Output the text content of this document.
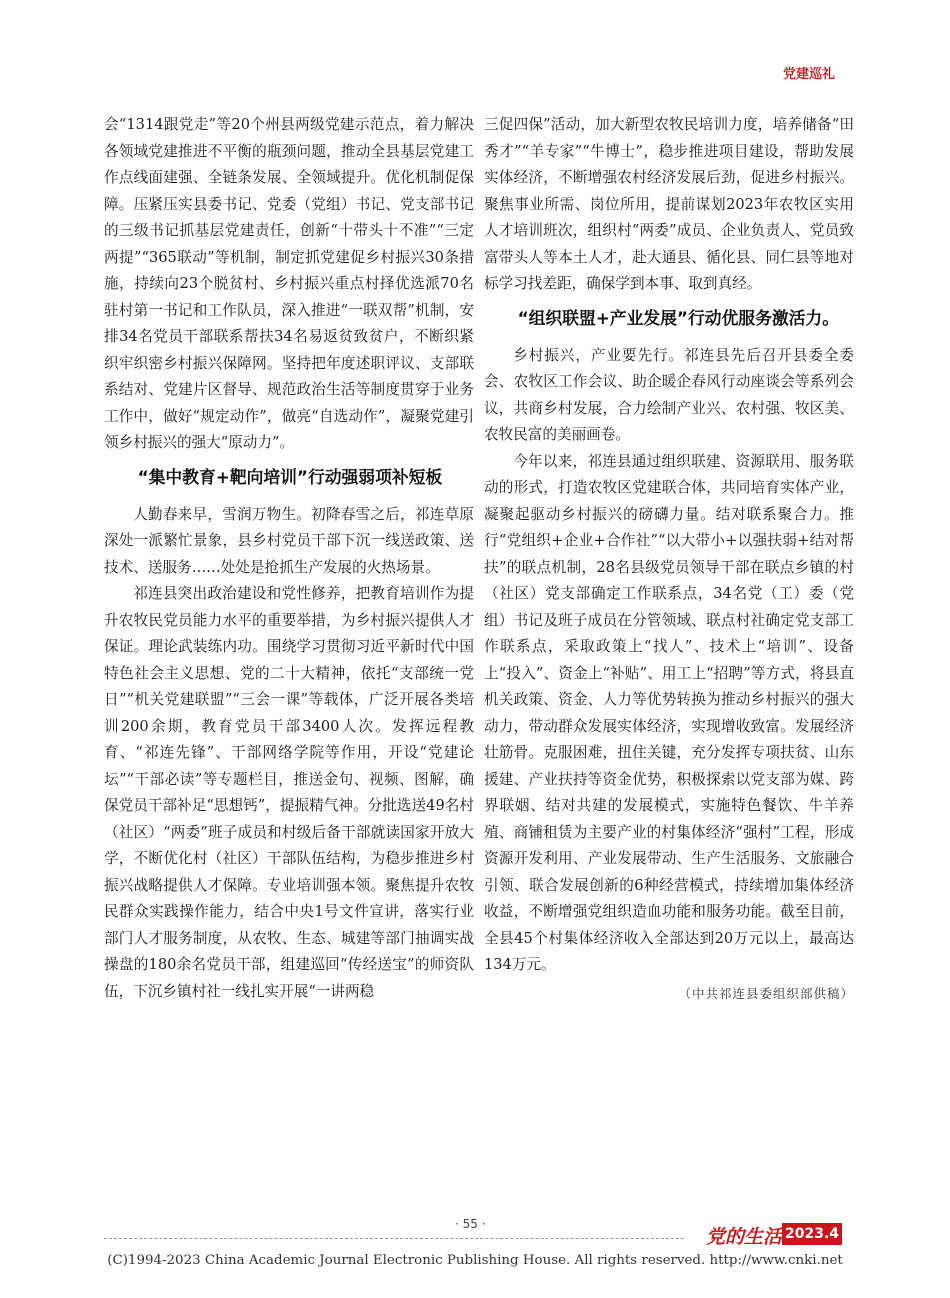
党建巡礼

会“1314跟党走”等20个州县两级党建示范点，着力解决各领域党建推进不平衡的瓶颈问题，推动全县基层党建工作点线面建强、全链条发展、全领域提升。优化机制促保障。压紧压实县委书记、党委（党组）书记、党支部书记的三级书记抓基层党建责任，创新“十带头十不准”“三定两提”“365联动”等机制，制定抓党建促乡村振兴30条措施，持续向23个脱贫村、乡村振兴重点村择优选派70名驻村第一书记和工作队员，深入推进“一联双帮”机制，安排34名党员干部联系帮扶34名易返贫致贫户，不断织紧织牢织密乡村振兴保障网。坚持把年度述职评议、支部联系结对、党建片区督导、规范政治生活等制度贯穿于业务工作中，做好“规定动作”，做亮“自选动作”，凝聚党建引领乡村振兴的强大“原动力”。

“集中教育+靶向培训”行动强弱项补短板

人勤春来早，雪润万物生。初降春雪之后，祁连草原深处一派繁忙景象，县乡村党员干部下沉一线送政策、送技术、送服务……处处是抢抓生产发展的火热场景。

祁连县突出政治建设和党性修养，把教育培训作为提升农牧民党员能力水平的重要举措，为乡村振兴提供人才保证。理论武装练内功。围绕学习贯彻习近平新时代中国特色社会主义思想、党的二十大精神，依托“支部统一党日”“机关党建联盟”“三会一课”等载体，广泛开展各类培训200余期，教育党员干部3400人次。发挥远程教育、“祁连先锋”、干部网络学院等作用，开设“党建论坛”“干部必读”等专题栏目，推送金句、视频、图解，确保党员干部补足“思想钙”，提振精气神。分批选送49名村（社区）“两委”班子成员和村级后备干部就读国家开放大学，不断优化村（社区）干部队伍结构，为稳步推进乡村振兴战略提供人才保障。专业培训强本领。聚焦提升农牧民群众实践操作能力，结合中央1号文件宣讲，落实行业部门人才服务制度，从农牧、生态、城建等部门抽调实战操盘的180余名党员干部，组建巡回“传经送宝”的师资队伍，下沉乡镇村社一线扎实开展“一讲两稳

三促四保”活动，加大新型农牧民培训力度，培养储备“田秀才”“羊专家”“牛博士”，稳步推进项目建设，帮助发展实体经济，不断增强农村经济发展后劲，促进乡村振兴。聚焦事业所需、岗位所用，提前谋划2023年农牧区实用人才培训班次，组织村“两委”成员、企业负责人、党员致富带头人等本土人才，赴大通县、循化县、同仁县等地对标学习找差距，确保学到本事、取到真经。

“组织联盟+产业发展”行动优服务激活力。

乡村振兴，产业要先行。祁连县先后召开县委全委会、农牧区工作会议、助企暖企春风行动座谈会等系列会议，共商乡村发展，合力绘制产业兴、农村强、牧区美、农牧民富的美丽画卷。

今年以来，祁连县通过组织联建、资源联用、服务联动的形式，打造农牧区党建联合体，共同培育实体产业，凝聚起驱动乡村振兴的磅礴力量。结对联系聚合力。推行“党组织+企业+合作社”“以大带小+以强扶弱+结对帮扶”的联点机制，28名县级党员领导干部在联点乡镇的村（社区）党支部确定工作联系点，34名党（工）委（党组）书记及班子成员在分管领域、联点村社确定党支部工作联系点，采取政策上“找人”、技术上“培训”、设备上“投入”、资金上“补贴”、用工上“招聘”等方式，将县直机关政策、资金、人力等优势转换为推动乡村振兴的强大动力，带动群众发展实体经济，实现增收致富。发展经济壮筋骨。克服困难，扭住关键，充分发挥专项扶贫、山东援建、产业扶持等资金优势，积极探索以党支部为媒、跨界联姻、结对共建的发展模式，实施特色餐饮、牛羊养殖、商铺租赁为主要产业的村集体经济“强村”工程，形成资源开发利用、产业发展带动、生产生活服务、文旅融合引领、联合发展创新的6种经营模式，持续增加集体经济收益，不断增强党组织造血功能和服务功能。截至目前，全县45个村集体经济收入全部达到20万元以上，最高达134万元。

（中共祁连县委组织部供稿）
· 55 ·
党的生活 2023.4
(C)1994-2023 China Academic Journal Electronic Publishing House. All rights reserved. http://www.cnki.net
